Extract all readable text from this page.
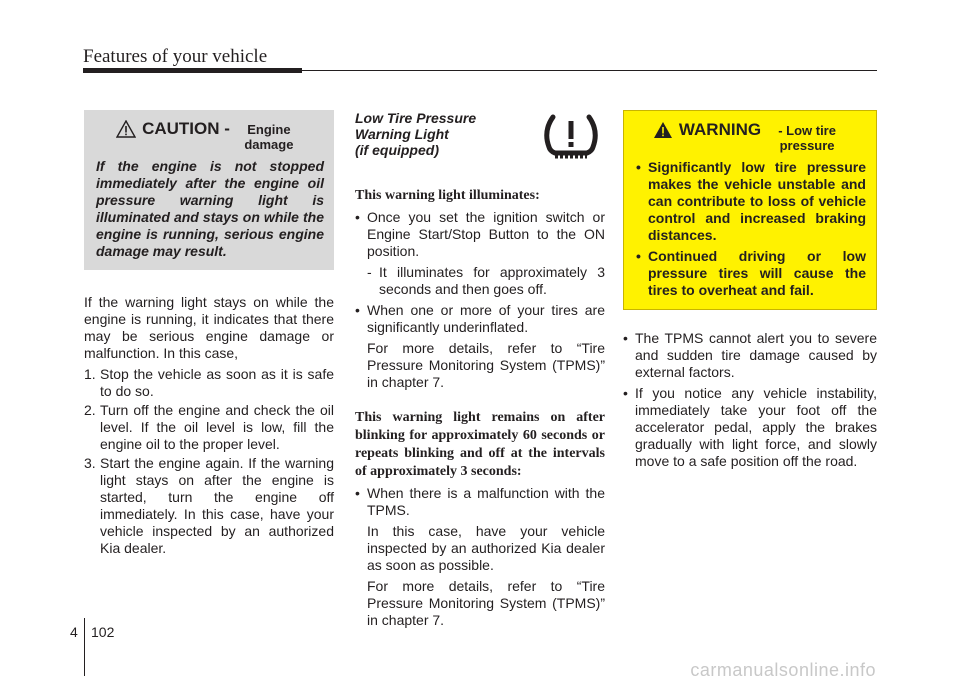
Features of your vehicle
CAUTION -	Engine damage
If the engine is not stopped immediately after the engine oil pressure warning light is illuminated and stays on while the engine is running, serious engine damage may result.
If the warning light stays on while the engine is running, it indicates that there may be serious engine damage or malfunction. In this case,
1. Stop the vehicle as soon as it is safe to do so.
2. Turn off the engine and check the oil level. If the oil level is low, fill the engine oil to the proper level.
3. Start the engine again. If the warning light stays on after the engine is started, turn the engine off immediately. In this case, have your vehicle inspected by an authorized Kia dealer.
Low Tire Pressure
Warning Light
(if equipped)
This warning light illuminates:
• Once you set the ignition switch or Engine Start/Stop Button to the ON position.
- It illuminates for approximately 3 seconds and then goes off.
• When one or more of your tires are significantly underinflated.
For more details, refer to “Tire Pressure Monitoring System (TPMS)” in chapter 7.
This warning light remains on after blinking for approximately 60 seconds or repeats blinking and off at the intervals of approximately 3 seconds:
• When there is a malfunction with the TPMS.
In this case, have your vehicle inspected by an authorized Kia dealer as soon as possible.
For more details, refer to “Tire Pressure Monitoring System (TPMS)” in chapter 7.
WARNING	- Low tire pressure
• Significantly low tire pressure makes the vehicle unstable and can contribute to loss of vehicle control and increased braking distances.
• Continued driving or low pressure tires will cause the tires to overheat and fail.
• The TPMS cannot alert you to severe and sudden tire damage caused by external factors.
• If you notice any vehicle instability, immediately take your foot off the accelerator pedal, apply the brakes gradually with light force, and slowly move to a safe position off the road.
4 102
carmanualsonline.info
